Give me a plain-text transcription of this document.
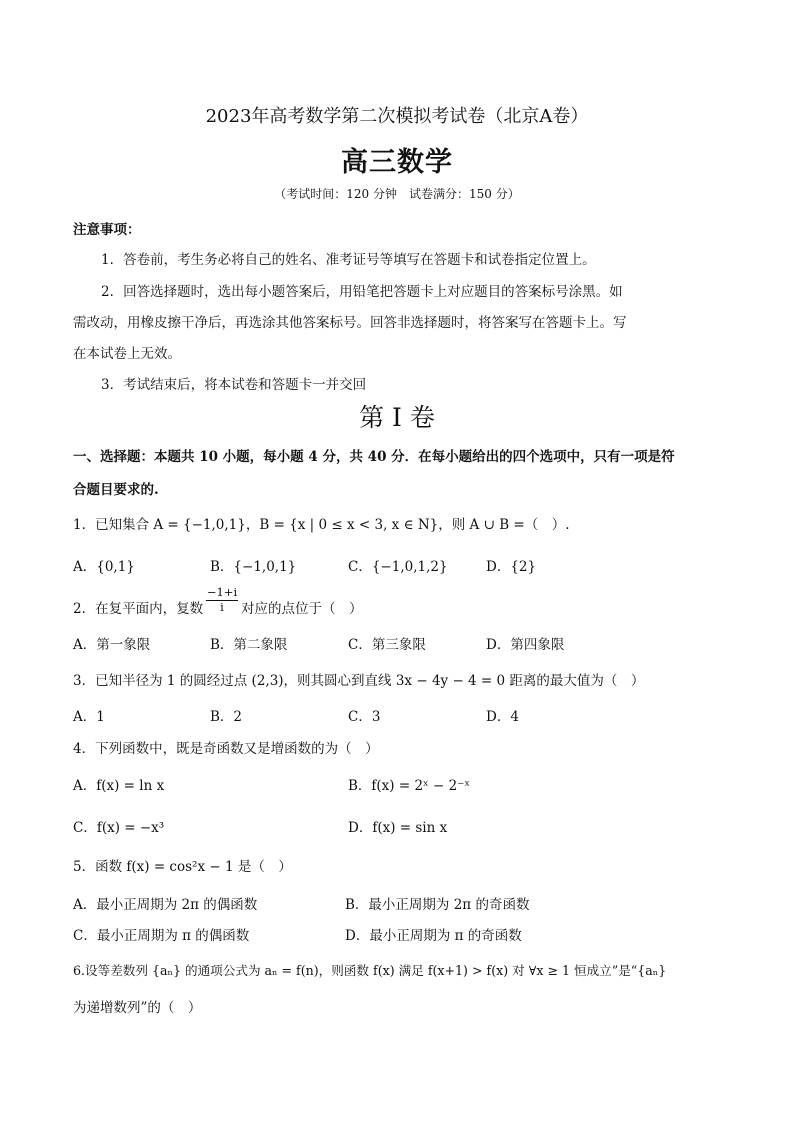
2023年高考数学第二次模拟考试卷（北京A卷）
高三数学
（考试时间：120 分钟　试卷满分：150 分）
注意事项：
1．答卷前，考生务必将自己的姓名、准考证号等填写在答题卡和试卷指定位置上。
2．回答选择题时，选出每小题答案后，用铅笔把答题卡上对应题目的答案标号涂黑。如
需改动，用橡皮擦干净后，再选涂其他答案标号。回答非选择题时，将答案写在答题卡上。写
在本试卷上无效。
3．考试结束后，将本试卷和答题卡一并交回
第 I 卷
一、选择题：本题共 10 小题，每小题 4 分，共 40 分．在每小题给出的四个选项中，只有一项是符
合题目要求的.
1．已知集合 A = {−1,0,1}，B = {x | 0 ≤ x < 3, x ∈ N}，则 A ∪ B =（　）.
A．{0,1}	B．{−1,0,1}	C．{−1,0,1,2}	D．{2}
2．在复平面内，复数
−1+i
i	对应的点位于（　）
A．第一象限	B．第二象限	C．第三象限	D．第四象限
3．已知半径为 1 的圆经过点 (2,3)，则其圆心到直线 3x − 4y − 4 = 0 距离的最大值为（　）
A．1	B．2	C．3	D．4
4．下列函数中，既是奇函数又是增函数的为（　）
A．f(x) = ln x	B．f(x) = 2ˣ − 2⁻ˣ
C．f(x) = −x³	D．f(x) = sin x
5．函数 f(x) = cos²x − 1 是（　）
A．最小正周期为 2π 的偶函数	B．最小正周期为 2π 的奇函数
C．最小正周期为 π 的偶函数	D．最小正周期为 π 的奇函数
6.设等差数列 {aₙ} 的通项公式为 aₙ = f(n)，则函数 f(x) 满足 f(x+1) > f(x) 对 ∀x ≥ 1 恒成立”是“{aₙ}
为递增数列”的（　）
